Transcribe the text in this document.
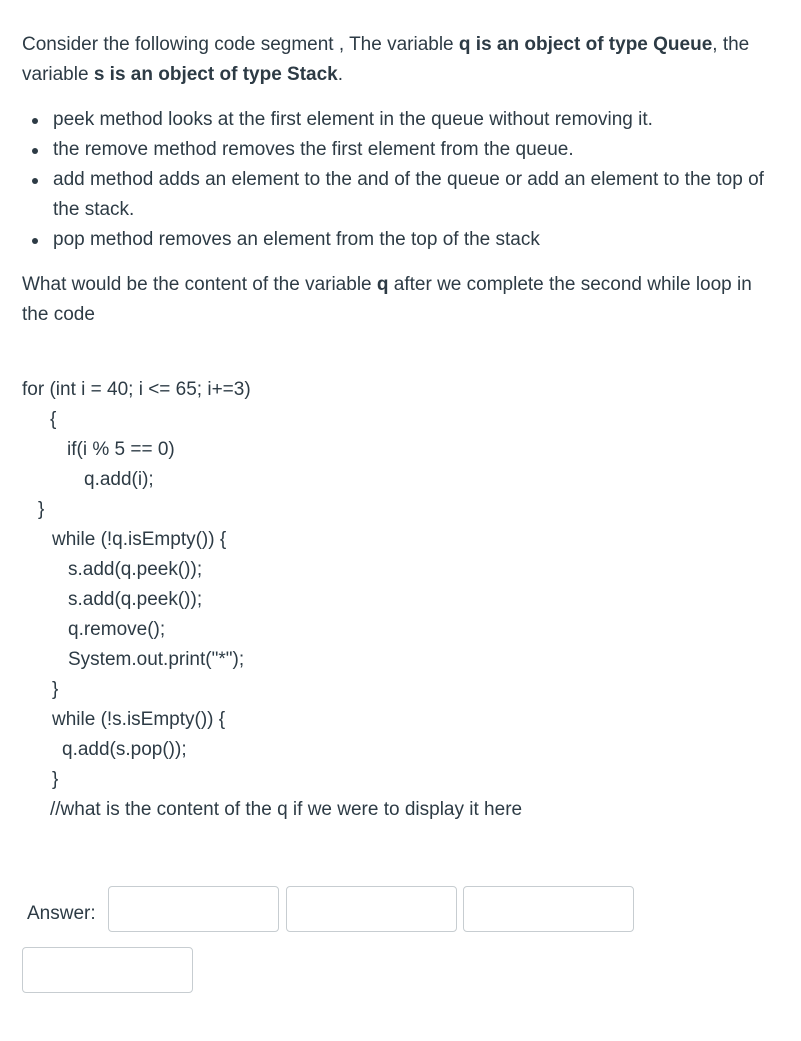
Consider the following code segment , The variable q is an object of type Queue, the variable s is an object of type Stack.

peek method looks at the first element in the queue without removing it.
the remove method removes the first element from the queue.
add method adds an element to the and of the queue or add an element to the top of the stack.
pop method removes an element from the top of the stack

What would be the content of the variable q after we complete the second while loop in the code

for (int i = 40; i <= 65; i+=3)
{
if(i % 5 == 0)
q.add(i);
}
while (!q.isEmpty()) {
s.add(q.peek());
s.add(q.peek());
q.remove();
System.out.print("*");
}
while (!s.isEmpty()) {
q.add(s.pop());
}
//what is the content of the q if we were to display it here
Answer:
